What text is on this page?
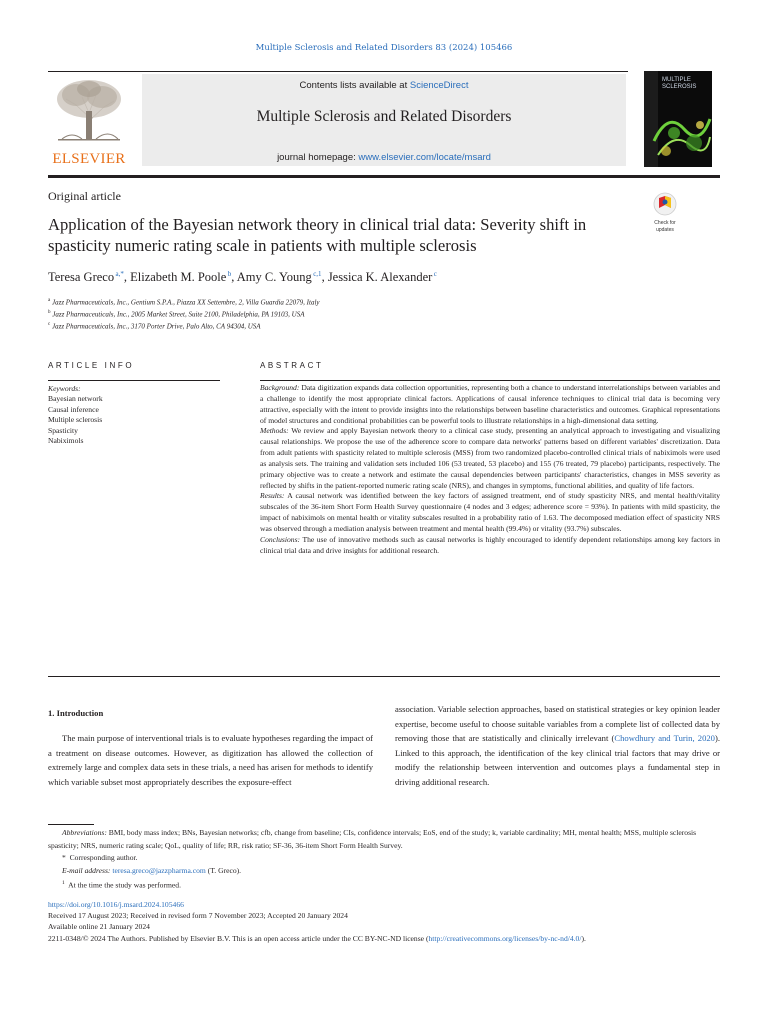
Multiple Sclerosis and Related Disorders 83 (2024) 105466
ELSEVIER
Contents lists available at ScienceDirect
Multiple Sclerosis and Related Disorders
journal homepage: www.elsevier.com/locate/msard
MULTIPLE
SCLEROSIS
Original article
Application of the Bayesian network theory in clinical trial data: Severity shift in spasticity numeric rating scale in patients with multiple sclerosis
Check for
updates
Teresa Greco $^{a,*}$, Elizabeth M. Poole $^b$, Amy C. Young $^{c,1}$, Jessica K. Alexander $^c$
$^a$ Jazz Pharmaceuticals, Inc., Gentium S.P.A., Piazza XX Settembre, 2, Villa Guardia 22079, Italy
$^b$ Jazz Pharmaceuticals, Inc., 2005 Market Street, Suite 2100, Philadelphia, PA 19103, USA
$^c$ Jazz Pharmaceuticals, Inc., 3170 Porter Drive, Palo Alto, CA 94304, USA
ARTICLE INFO	ABSTRACT
Keywords:
Bayesian network
Causal inference
Multiple sclerosis
Spasticity
Nabiximols

Background: Data digitization expands data collection opportunities, representing both a chance to understand interrelationships between variables and a challenge to identify the most appropriate clinical factors. Applications of causal inference techniques to clinical trial data is becoming very attractive, especially with the intent to provide insights into the relationships between baseline characteristics and outcomes. Graphical representations of model structures and conditional probabilities can be powerful tools to illustrate relationships in a high-dimensional data setting.

Methods: We review and apply Bayesian network theory to a clinical case study, presenting an analytical approach to investigating and visualizing causal relationships. We propose the use of the adherence score to compare data networks' patterns based on different variables' discretization. Data from adult patients with spasticity related to multiple sclerosis (MSS) from two randomized placebo-controlled clinical trials of nabiximols were used as analysis sets. The training and validation sets included 106 (53 treated, 53 placebo) and 155 (76 treated, 79 placebo) participants, respectively. The primary objective was to create a network and estimate the causal dependencies between participants' characteristics, changes in MSS severity as reflected by shifts in the patient-reported numeric rating scale (NRS), and changes in symptoms, functional abilities, and quality of life factors.

Results: A causal network was identified between the key factors of assigned treatment, end of study spasticity NRS, and mental health/vitality subscales of the 36-item Short Form Health Survey questionnaire (4 nodes and 3 edges; adherence score = 93%). In patients with mild spasticity, the impact of nabiximols on mental health or vitality subscales resulted in a probability ratio of 1.63. The decomposed mediation effect of spasticity NRS was observed through a mediation analysis between treatment and mental health (99.4%) or vitality (93.7%) subscales.

Conclusions: The use of innovative methods such as causal networks is highly encouraged to identify dependent relationships among key factors in clinical trial data and drive insights for additional research.

1. Introduction
The main purpose of interventional trials is to evaluate hypotheses regarding the impact of a treatment on disease outcomes. However, as digitization has allowed the collection of extremely large and complex data sets in these trials, a need has arisen for methods to identify which variable subset most appropriately describes the exposure-effect
association. Variable selection approaches, based on statistical strategies or key opinion leader expertise, become useful to choose suitable variables from a complete list of collected data by removing those that are statistically and clinically irrelevant (Chowdhury and Turin, 2020). Linked to this approach, the identification of the key clinical trial factors that may drive or modify the relationship between intervention and outcomes plays a fundamental step in driving additional research.
Abbreviations: BMI, body mass index; BNs, Bayesian networks; cfb, change from baseline; CIs, confidence intervals; EoS, end of the study; k, variable cardinality; MH, mental health; MSS, multiple sclerosis spasticity; NRS, numeric rating scale; QoL, quality of life; RR, risk ratio; SF-36, 36-item Short Form Health Survey.
* Corresponding author.
E-mail address: teresa.greco@jazzpharma.com (T. Greco).
$^1$ At the time the study was performed.
https://doi.org/10.1016/j.msard.2024.105466
Received 17 August 2023; Received in revised form 7 November 2023; Accepted 20 January 2024
Available online 21 January 2024
2211-0348/© 2024 The Authors. Published by Elsevier B.V. This is an open access article under the CC BY-NC-ND license (http://creativecommons.org/licenses/by-nc-nd/4.0/).
